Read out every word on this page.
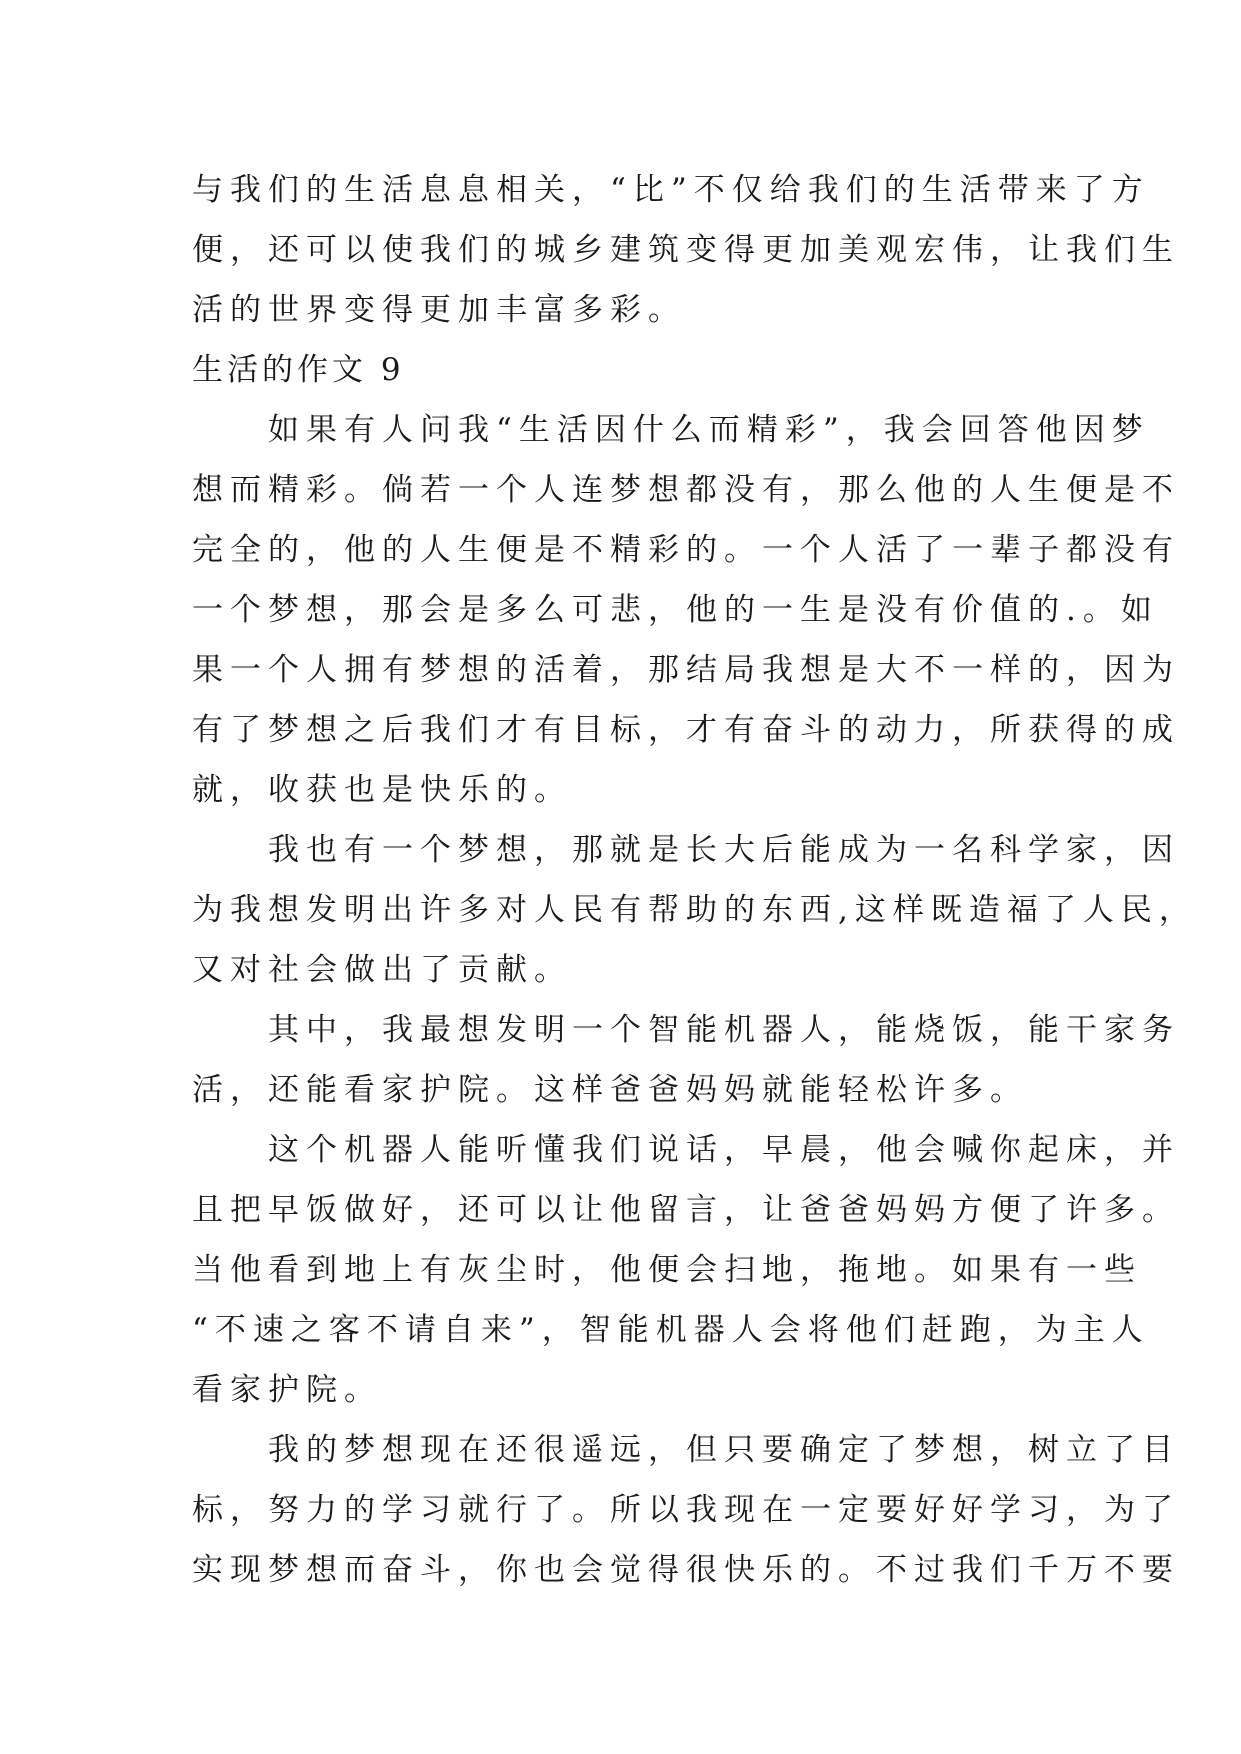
与我们的生活息息相关，“比”不仅给我们的生活带来了方
便，还可以使我们的城乡建筑变得更加美观宏伟，让我们生
活的世界变得更加丰富多彩。
生活的作文 9
　　如果有人问我“生活因什么而精彩”，我会回答他因梦
想而精彩。倘若一个人连梦想都没有，那么他的人生便是不
完全的，他的人生便是不精彩的。一个人活了一辈子都没有
一个梦想，那会是多么可悲，他的一生是没有价值的.。如
果一个人拥有梦想的活着，那结局我想是大不一样的，因为
有了梦想之后我们才有目标，才有奋斗的动力，所获得的成
就，收获也是快乐的。
　　我也有一个梦想，那就是长大后能成为一名科学家，因
为我想发明出许多对人民有帮助的东西,这样既造福了人民，
又对社会做出了贡献。
　　其中，我最想发明一个智能机器人，能烧饭，能干家务
活，还能看家护院。这样爸爸妈妈就能轻松许多。
　　这个机器人能听懂我们说话，早晨，他会喊你起床，并
且把早饭做好，还可以让他留言，让爸爸妈妈方便了许多。
当他看到地上有灰尘时，他便会扫地，拖地。如果有一些
“不速之客不请自来”，智能机器人会将他们赶跑，为主人
看家护院。
　　我的梦想现在还很遥远，但只要确定了梦想，树立了目
标，努力的学习就行了。所以我现在一定要好好学习，为了
实现梦想而奋斗，你也会觉得很快乐的。不过我们千万不要
